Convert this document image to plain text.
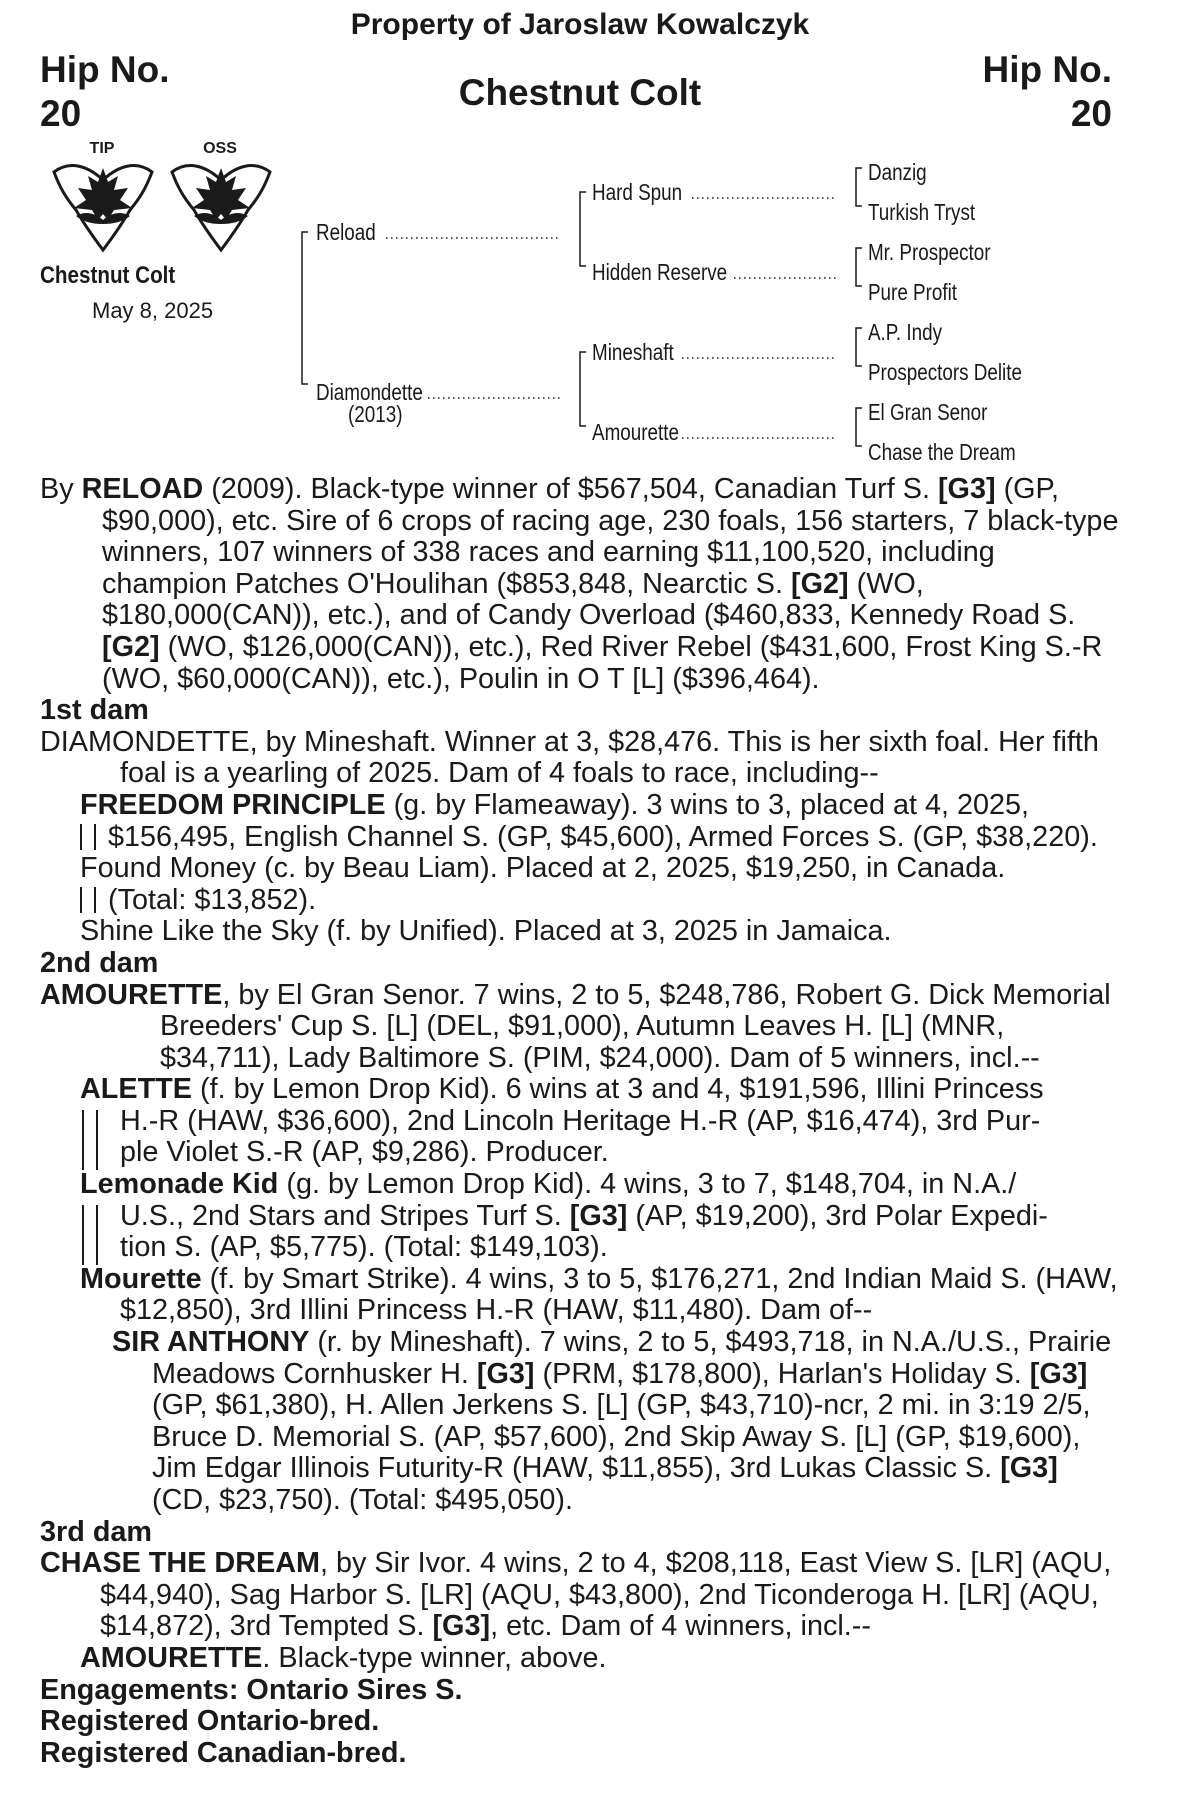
Property of Jaroslaw Kowalczyk
Hip No.
20
Hip No.
20
Chestnut Colt
TIP	OSS
Chestnut Colt
May 8, 2025
Reload
Diamondette
(2013)
Hard Spun
Hidden Reserve
Mineshaft
Amourette
Danzig
Turkish Tryst
Mr. Prospector
Pure Profit
A.P. Indy
Prospectors Delite
El Gran Senor
Chase the Dream

By RELOAD (2009). Black-type winner of $567,504, Canadian Turf S. [G3] (GP, $90,000), etc. Sire of 6 crops of racing age, 230 foals, 156 starters, 7 black-type winners, 107 winners of 338 races and earning $11,100,520, including champion Patches O'Houlihan ($853,848, Nearctic S. [G2] (WO, $180,000(CAN)), etc.), and of Candy Overload ($460,833, Kennedy Road S. [G2] (WO, $126,000(CAN)), etc.), Red River Rebel ($431,600, Frost King S.-R (WO, $60,000(CAN)), etc.), Poulin in O T [L] ($396,464).

1st dam

DIAMONDETTE, by Mineshaft. Winner at 3, $28,476. This is her sixth foal. Her fifth foal is a yearling of 2025. Dam of 4 foals to race, including--

FREEDOM PRINCIPLE (g. by Flameaway). 3 wins to 3, placed at 4, 2025,

$156,495, English Channel S. (GP, $45,600), Armed Forces S. (GP, $38,220).

Found Money (c. by Beau Liam). Placed at 2, 2025, $19,250, in Canada.

(Total: $13,852).

Shine Like the Sky (f. by Unified). Placed at 3, 2025 in Jamaica.

2nd dam

AMOURETTE, by El Gran Senor. 7 wins, 2 to 5, $248,786, Robert G. Dick Memorial Breeders' Cup S. [L] (DEL, $91,000), Autumn Leaves H. [L] (MNR, $34,711), Lady Baltimore S. (PIM, $24,000). Dam of 5 winners, incl.--

ALETTE (f. by Lemon Drop Kid). 6 wins at 3 and 4, $191,596, Illini Princess

H.-R (HAW, $36,600), 2nd Lincoln Heritage H.-R (AP, $16,474), 3rd Pur-

ple Violet S.-R (AP, $9,286). Producer.

Lemonade Kid (g. by Lemon Drop Kid). 4 wins, 3 to 7, $148,704, in N.A./

U.S., 2nd Stars and Stripes Turf S. [G3] (AP, $19,200), 3rd Polar Expedi-

tion S. (AP, $5,775). (Total: $149,103).

Mourette (f. by Smart Strike). 4 wins, 3 to 5, $176,271, 2nd Indian Maid S. (HAW, $12,850), 3rd Illini Princess H.-R (HAW, $11,480). Dam of--

SIR ANTHONY (r. by Mineshaft). 7 wins, 2 to 5, $493,718, in N.A./U.S., Prairie Meadows Cornhusker H. [G3] (PRM, $178,800), Harlan's Holiday S. [G3] (GP, $61,380), H. Allen Jerkens S. [L] (GP, $43,710)-ncr, 2 mi. in 3:19 2/5, Bruce D. Memorial S. (AP, $57,600), 2nd Skip Away S. [L] (GP, $19,600), Jim Edgar Illinois Futurity-R (HAW, $11,855), 3rd Lukas Classic S. [G3] (CD, $23,750). (Total: $495,050).

3rd dam

CHASE THE DREAM, by Sir Ivor. 4 wins, 2 to 4, $208,118, East View S. [LR] (AQU, $44,940), Sag Harbor S. [LR] (AQU, $43,800), 2nd Ticonderoga H. [LR] (AQU, $14,872), 3rd Tempted S. [G3], etc. Dam of 4 winners, incl.--

AMOURETTE. Black-type winner, above.

Engagements: Ontario Sires S.

Registered Ontario-bred.

Registered Canadian-bred.
